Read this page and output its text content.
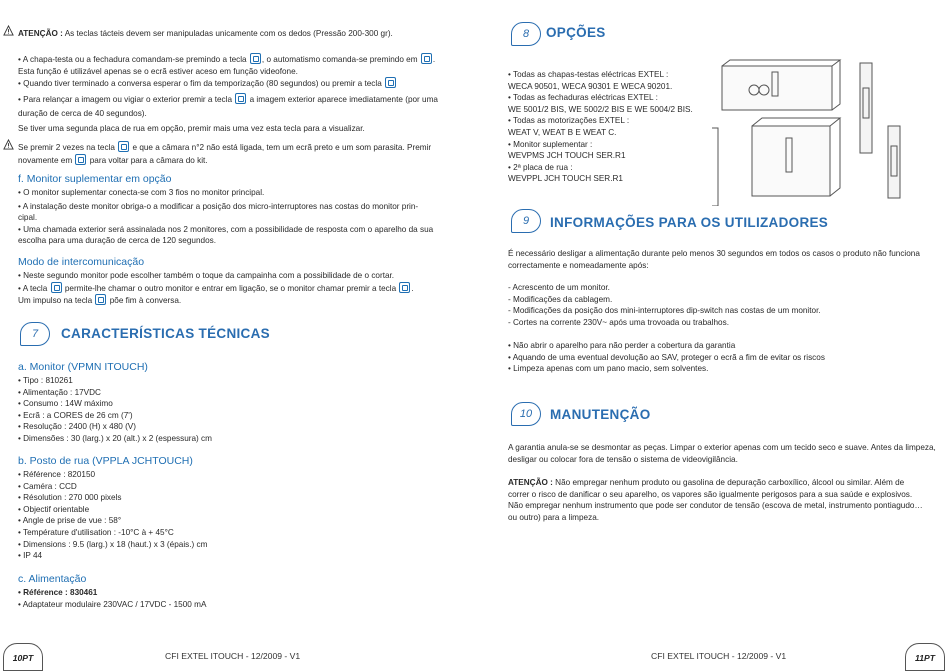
ATENÇÃO : As teclas tácteis devem ser manipuladas unicamente com os dedos (Pressão 200-300 gr).

• A chapa-testa ou a fechadura comandam-se premindo a tecla , o automatismo comanda-se premindo em .

Esta função é utilizável apenas se o ecrã estiver aceso em função videofone.

• Quando tiver terminado a conversa esperar o fim da temporização (80 segundos) ou premir a tecla

• Para relançar a imagem ou vigiar o exterior premir a tecla a imagem exterior aparece imediatamente (por uma

duração de cerca de 40 segundos).

Se tiver uma segunda placa de rua em opção, premir mais uma vez esta tecla para a visualizar.

Se premir 2 vezes na tecla e que a câmara n°2 não está ligada, tem um ecrã preto e um som parasita. Premir

novamente em para voltar para a câmara do kit.

f. Monitor suplementar em opção

• O monitor suplementar conecta-se com 3 fios no monitor principal.

• A instalação deste monitor obriga-o a modificar a posição dos micro-interruptores nas costas do monitor prin-

cipal.

• Uma chamada exterior será assinalada nos 2 monitores, com a possibilidade de resposta com o aparelho da sua

escolha para uma duração de cerca de 120 segundos.

Modo de intercomunicação

• Neste segundo monitor pode escolher também o toque da campainha com a possibilidade de o cortar.

• A tecla permite-lhe chamar o outro monitor e entrar em ligação, se o monitor chamar premir a tecla .

Um impulso na tecla põe fim à conversa.

7	CARACTERÍSTICAS TÉCNICAS
a. Monitor (VPMN ITOUCH)
• Tipo : 810261
• Alimentação : 17VDC
• Consumo : 14W máximo
• Ecrã : a CORES de 26 cm (7')
• Resolução : 2400 (H) x 480 (V)
• Dimensões : 30 (larg.) x 20 (alt.) x 2 (espessura) cm
b. Posto de rua (VPPLA JCHTOUCH)
• Référence : 820150
• Caméra : CCD
• Résolution : 270 000 pixels
• Objectif orientable
• Angle de prise de vue : 58°
• Température d'utilisation : -10°C à + 45°C
• Dimensions : 9.5 (larg.) x 18 (haut.) x 3 (épais.) cm
• IP 44
c. Alimentação

• Référence : 830461

• Adaptateur modulaire 230VAC / 17VDC - 1500 mA

10PT	CFI EXTEL ITOUCH - 12/2009 - V1
8	OPÇÕES
• Todas as chapas-testas eléctricas EXTEL :
WECA 90501, WECA 90301 E WECA 90201.
• Todas as fechaduras eléctricas EXTEL :
WE 5001/2 BIS, WE 5002/2 BIS E WE 5004/2 BIS.
• Todas as motorizações EXTEL :
WEAT V, WEAT B E WEAT C.
• Monitor suplementar :
WEVPMS JCH TOUCH SER.R1
• 2ª placa de rua :
WEVPPL JCH TOUCH SER.R1
9	INFORMAÇÕES PARA OS UTILIZADORES

É necessário desligar a alimentação durante pelo menos 30 segundos em todos os casos o produto não funciona

correctamente e nomeadamente após:

- Acrescento de um monitor.
- Modificações da cablagem.
- Modificações da posição dos mini-interruptores dip-switch nas costas de um monitor.
- Cortes na corrente 230V~ após uma trovoada ou trabalhos.
• Não abrir o aparelho para não perder a cobertura da garantia
• Aquando de uma eventual devolução ao SAV, proteger o ecrã a fim de evitar os riscos
• Limpeza apenas com um pano macio, sem solventes.
10	MANUTENÇÃO

A garantia anula-se se desmontar as peças. Limpar o exterior apenas com um tecido seco e suave. Antes da limpeza,

desligar ou colocar fora de tensão o sistema de videovigilância.

ATENÇÃO : Não empregar nenhum produto ou gasolina de depuração carboxílico, álcool ou similar. Além de

correr o risco de danificar o seu aparelho, os vapores são igualmente perigosos para a sua saúde e explosivos.

Não empregar nenhum instrumento que pode ser condutor de tensão (escova de metal, instrumento pontiagudo…

ou outro) para a limpeza.

CFI EXTEL ITOUCH - 12/2009 - V1	11PT
